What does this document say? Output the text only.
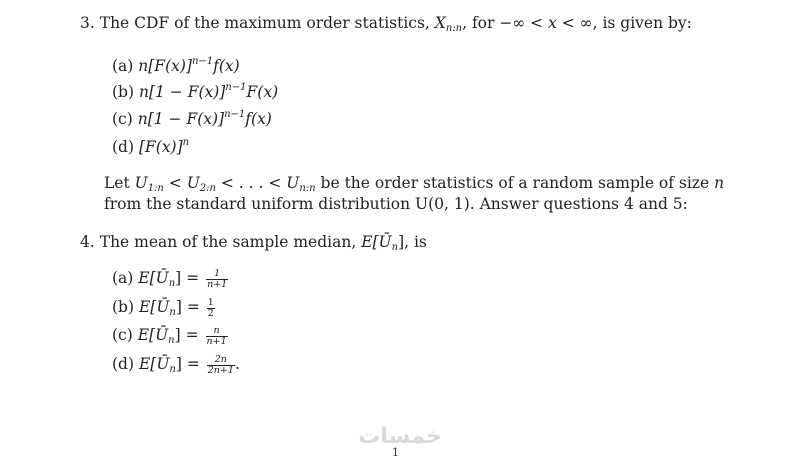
3. The CDF of the maximum order statistics, $X_{n:n}$, for −∞ < x < ∞, is given by:
(a) $n[F(x)]^{n-1}f(x)$
(b) $n[1 - F(x)]^{n-1}F(x)$
(c) $n[1 - F(x)]^{n-1}f(x)$
(d) $[F(x)]^n$
Let $U_{1:n} < U_{2:n}$ < . . . < $U_{n:n}$ be the order statistics of a random sample of size n
from the standard uniform distribution U(0, 1). Answer questions 4 and 5:
4. The mean of the sample median, $E[Ū_n]$, is
(a) $E[Ū_n] = \frac{1}{n+1}$
(b) $E[Ū_n] = \frac{1}{2}$
(c) $E[Ū_n] = \frac{n}{n+1}$
(d) $E[Ū_n] = \frac{2n}{2n+1}$ .
خمسات
1
